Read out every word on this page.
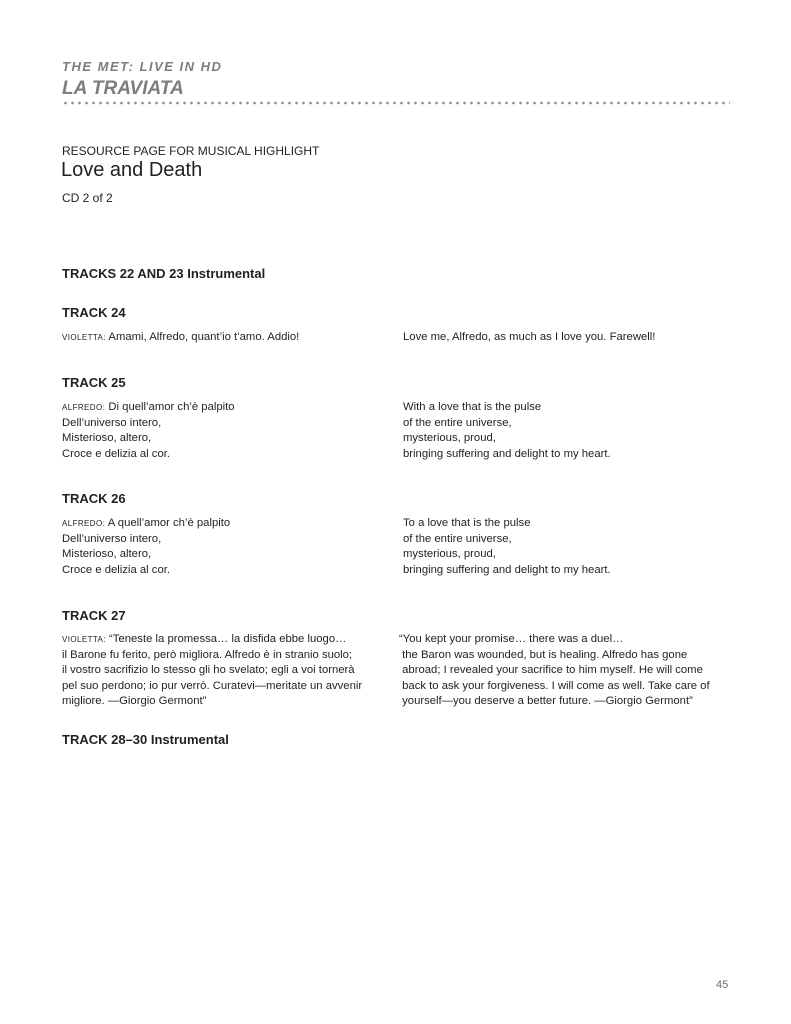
THE MET: LIVE IN HD
LA TRAVIATA
RESOURCE PAGE FOR MUSICAL HIGHLIGHT
Love and Death
CD 2 of 2
TRACKS 22 AND 23 Instrumental
TRACK 24
VIOLETTA: Amami, Alfredo, quant’io t’amo. Addio!	Love me, Alfredo, as much as I love you. Farewell!
TRACK 25
ALFREDO: Di quell’amor ch’è palpito
Dell’universo intero,
Misterioso, altero,
Croce e delizia al cor.
With a love that is the pulse
of the entire universe,
mysterious, proud,
bringing suffering and delight to my heart.
TRACK 26
ALFREDO: A quell’amor ch’è palpito
Dell’universo intero,
Misterioso, altero,
Croce e delizia al cor.
To a love that is the pulse
of the entire universe,
mysterious, proud,
bringing suffering and delight to my heart.
TRACK 27
VIOLETTA: “Teneste la promessa… la disfida ebbe luogo…
il Barone fu ferito, però migliora. Alfredo è in stranio suolo;
il vostro sacrifizio lo stesso gli ho svelato; egli a voi tornerà
pel suo perdono; io pur verrò. Curatevi—meritate un avvenir
migliore. —Giorgio Germont”
“You kept your promise… there was a duel…
the Baron was wounded, but is healing. Alfredo has gone
abroad; I revealed your sacrifice to him myself. He will come
back to ask your forgiveness. I will come as well. Take care of
yourself—you deserve a better future. —Giorgio Germont”
TRACK 28–30 Instrumental
45
